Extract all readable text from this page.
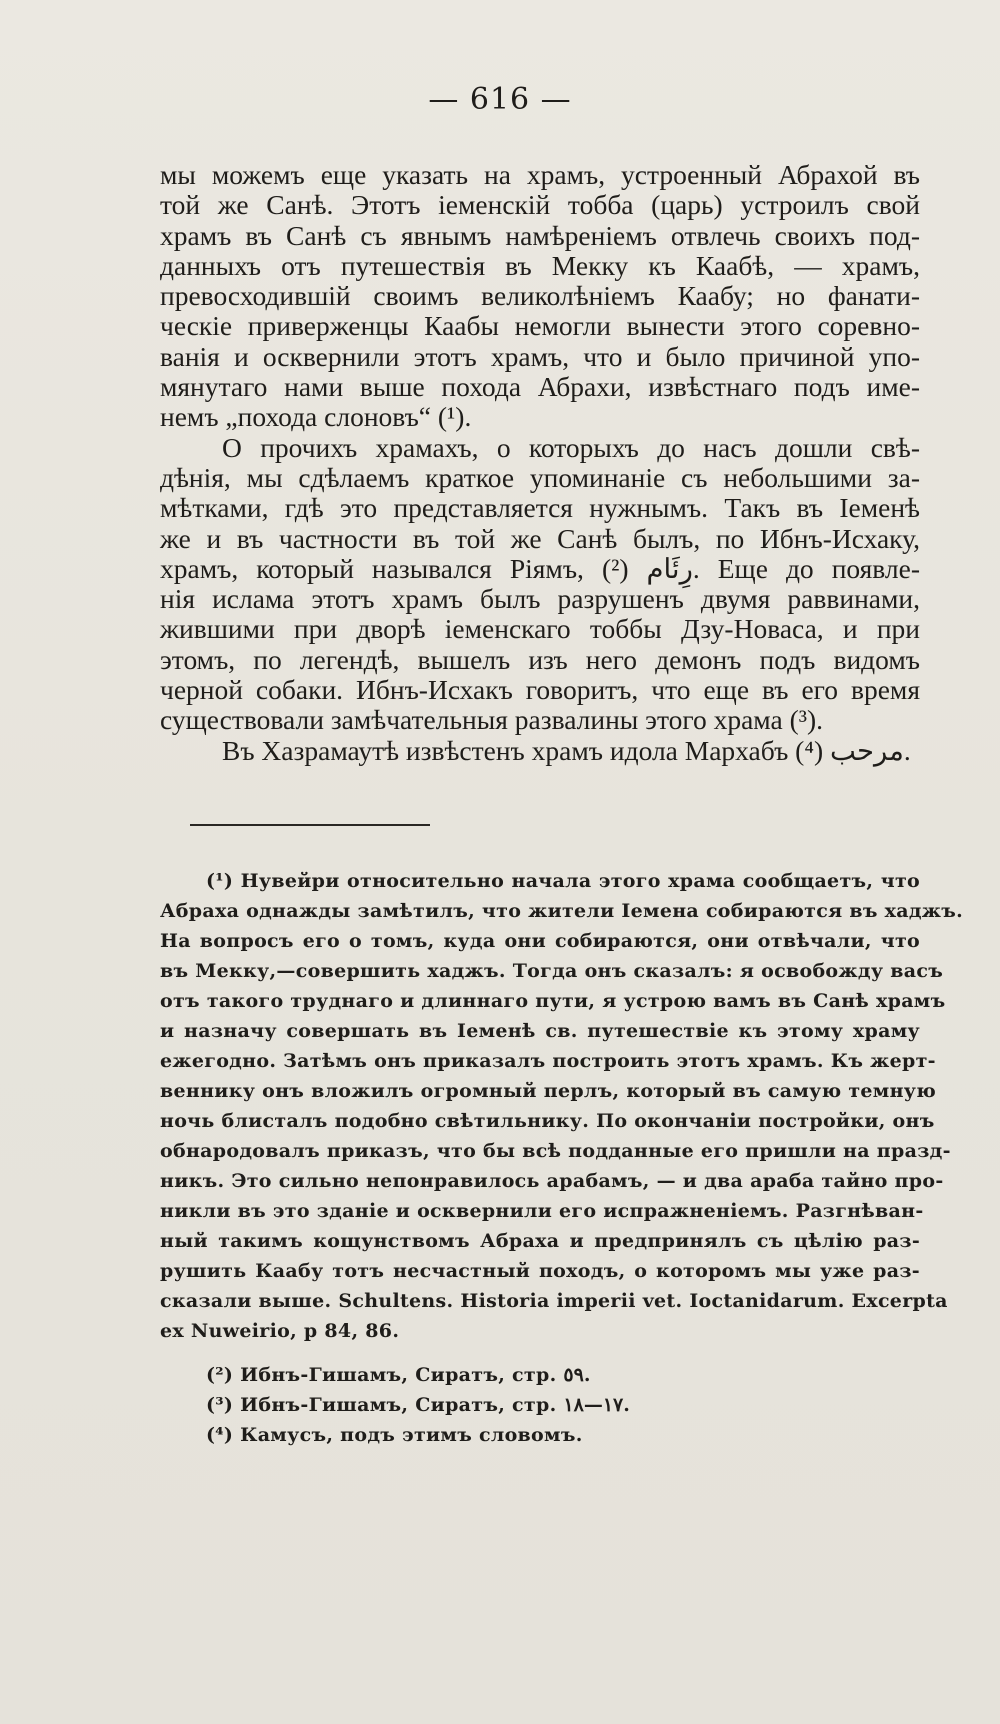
— 616 —
мы можемъ еще указать на храмъ, устроенный Абрахой въ
той же Санѣ. Этотъ іеменскій тобба (царь) устроилъ свой
храмъ въ Санѣ съ явнымъ намѣреніемъ отвлечь своихъ под-
данныхъ отъ путешествія въ Мекку къ Каабѣ, — храмъ,
превосходившій своимъ великолѣніемъ Каабу; но фанати-
ческіе приверженцы Каабы немогли вынести этого соревно-
ванія и осквернили этотъ храмъ, что и было причиной упо-
мянутаго нами выше похода Абрахи, извѣстнаго подъ име-
немъ „похода слоновъ“ (¹).
О прочихъ храмахъ, о которыхъ до насъ дошли свѣ-
дѣнія, мы сдѣлаемъ краткое упоминаніе съ небольшими за-
мѣтками, гдѣ это представляется нужнымъ. Такъ въ Іеменѣ
же и въ частности въ той же Санѣ былъ, по Ибнъ-Исхаку,
храмъ, который назывался Ріямъ, رِئَام (²). Еще до появле-
нія ислама этотъ храмъ былъ разрушенъ двумя раввинами,
жившими при дворѣ іеменскаго тоббы Дзу-Новаса, и при
этомъ, по легендѣ, вышелъ изъ него демонъ подъ видомъ
черной собаки. Ибнъ-Исхакъ говоритъ, что еще въ его время
существовали замѣчательныя развалины этого храма (³).
Въ Хазрамаутѣ извѣстенъ храмъ идола Мархабъ مرحب (⁴).
(¹) Нувейри относительно начала этого храма сообщаетъ, что
Абраха однажды замѣтилъ, что жители Іемена собираются въ хаджъ.
На вопросъ его о томъ, куда они собираются, они отвѣчали, что
въ Мекку,—совершить хаджъ. Тогда онъ сказалъ: я освобожду васъ
отъ такого труднаго и длиннаго пути, я устрою вамъ въ Санѣ храмъ
и назначу совершать въ Іеменѣ св. путешествіе къ этому храму
ежегодно. Затѣмъ онъ приказалъ построить этотъ храмъ. Къ жерт-
веннику онъ вложилъ огромный перлъ, который въ самую темную
ночь блисталъ подобно свѣтильнику. По окончаніи постройки, онъ
обнародовалъ приказъ, что бы всѣ подданные его пришли на празд-
никъ. Это сильно непонравилось арабамъ, — и два араба тайно про-
никли въ это зданіе и осквернили его испражненіемъ. Разгнѣван-
ный такимъ кощунствомъ Абраха и предпринялъ съ цѣлію раз-
рушить Каабу тотъ несчастный походъ, о которомъ мы уже раз-
сказали выше. Schultens. Historia imperii vet. Ioctanidarum. Excerpta
ex Nuweirio, p 84, 86.
(²) Ибнъ-Гишамъ, Сиратъ, стр. ٥٩.
(³) Ибнъ-Гишамъ, Сиратъ, стр. ١٧—١٨.
(⁴) Камусъ, подъ этимъ словомъ.
